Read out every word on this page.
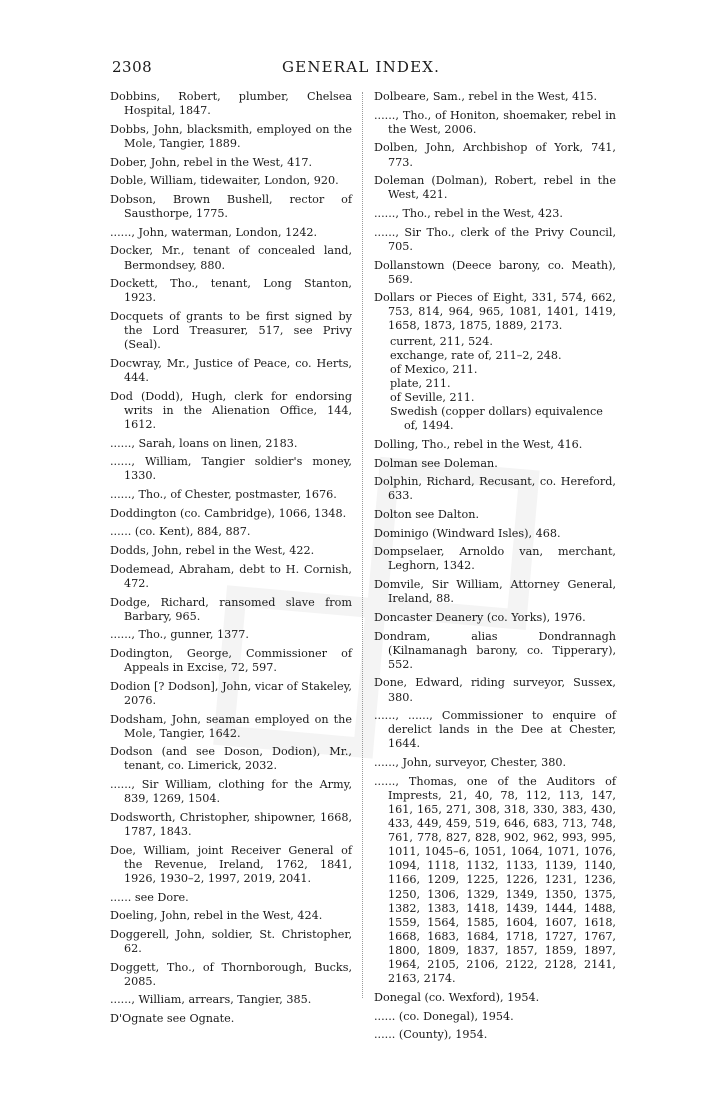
2308	GENERAL INDEX.
Dobbins, Robert, plumber, Chelsea Hospital, 1847.
Dobbs, John, blacksmith, employed on the Mole, Tangier, 1889.
Dober, John, rebel in the West, 417.
Doble, William, tidewaiter, London, 920.
Dobson, Brown Bushell, rector of Sausthorpe, 1775.
......, John, waterman, London, 1242.
Docker, Mr., tenant of concealed land, Bermondsey, 880.
Dockett, Tho., tenant, Long Stanton, 1923.
Docquets of grants to be first signed by the Lord Treasurer, 517, see Privy (Seal).
Docwray, Mr., Justice of Peace, co. Herts, 444.
Dod (Dodd), Hugh, clerk for endorsing writs in the Alienation Office, 144, 1612.
......, Sarah, loans on linen, 2183.
......, William, Tangier soldier's money, 1330.
......, Tho., of Chester, postmaster, 1676.
Doddington (co. Cambridge), 1066, 1348.
...... (co. Kent), 884, 887.
Dodds, John, rebel in the West, 422.
Dodemead, Abraham, debt to H. Cornish, 472.
Dodge, Richard, ransomed slave from Barbary, 965.
......, Tho., gunner, 1377.
Dodington, George, Commissioner of Appeals in Excise, 72, 597.
Dodion [? Dodson], John, vicar of Stakeley, 2076.
Dodsham, John, seaman employed on the Mole, Tangier, 1642.
Dodson (and see Doson, Dodion), Mr., tenant, co. Limerick, 2032.
......, Sir William, clothing for the Army, 839, 1269, 1504.
Dodsworth, Christopher, shipowner, 1668, 1787, 1843.
Doe, William, joint Receiver General of the Revenue, Ireland, 1762, 1841, 1926, 1930–2, 1997, 2019, 2041.
...... see Dore.
Doeling, John, rebel in the West, 424.
Doggerell, John, soldier, St. Christopher, 62.
Doggett, Tho., of Thornborough, Bucks, 2085.
......, William, arrears, Tangier, 385.
D'Ognate see Ognate.
Dolbeare, Sam., rebel in the West, 415.
......, Tho., of Honiton, shoemaker, rebel in the West, 2006.
Dolben, John, Archbishop of York, 741, 773.
Doleman (Dolman), Robert, rebel in the West, 421.
......, Tho., rebel in the West, 423.
......, Sir Tho., clerk of the Privy Council, 705.
Dollanstown (Deece barony, co. Meath), 569.
Dollars or Pieces of Eight, 331, 574, 662, 753, 814, 964, 965, 1081, 1401, 1419, 1658, 1873, 1875, 1889, 2173.
current, 211, 524.
exchange, rate of, 211–2, 248.
of Mexico, 211.
plate, 211.
of Seville, 211.
Swedish (copper dollars) equivalence of, 1494.
Dolling, Tho., rebel in the West, 416.
Dolman see Doleman.
Dolphin, Richard, Recusant, co. Hereford, 633.
Dolton see Dalton.
Dominigo (Windward Isles), 468.
Dompselaer, Arnoldo van, merchant, Leghorn, 1342.
Domvile, Sir William, Attorney General, Ireland, 88.
Doncaster Deanery (co. Yorks), 1976.
Dondram, alias Dondrannagh (Kilnamanagh barony, co. Tipperary), 552.
Done, Edward, riding surveyor, Sussex, 380.
......, ......, Commissioner to enquire of derelict lands in the Dee at Chester, 1644.
......, John, surveyor, Chester, 380.
......, Thomas, one of the Auditors of Imprests, 21, 40, 78, 112, 113, 147, 161, 165, 271, 308, 318, 330, 383, 430, 433, 449, 459, 519, 646, 683, 713, 748, 761, 778, 827, 828, 902, 962, 993, 995, 1011, 1045–6, 1051, 1064, 1071, 1076, 1094, 1118, 1132, 1133, 1139, 1140, 1166, 1209, 1225, 1226, 1231, 1236, 1250, 1306, 1329, 1349, 1350, 1375, 1382, 1383, 1418, 1439, 1444, 1488, 1559, 1564, 1585, 1604, 1607, 1618, 1668, 1683, 1684, 1718, 1727, 1767, 1800, 1809, 1837, 1857, 1859, 1897, 1964, 2105, 2106, 2122, 2128, 2141, 2163, 2174.
Donegal (co. Wexford), 1954.
...... (co. Donegal), 1954.
...... (County), 1954.
